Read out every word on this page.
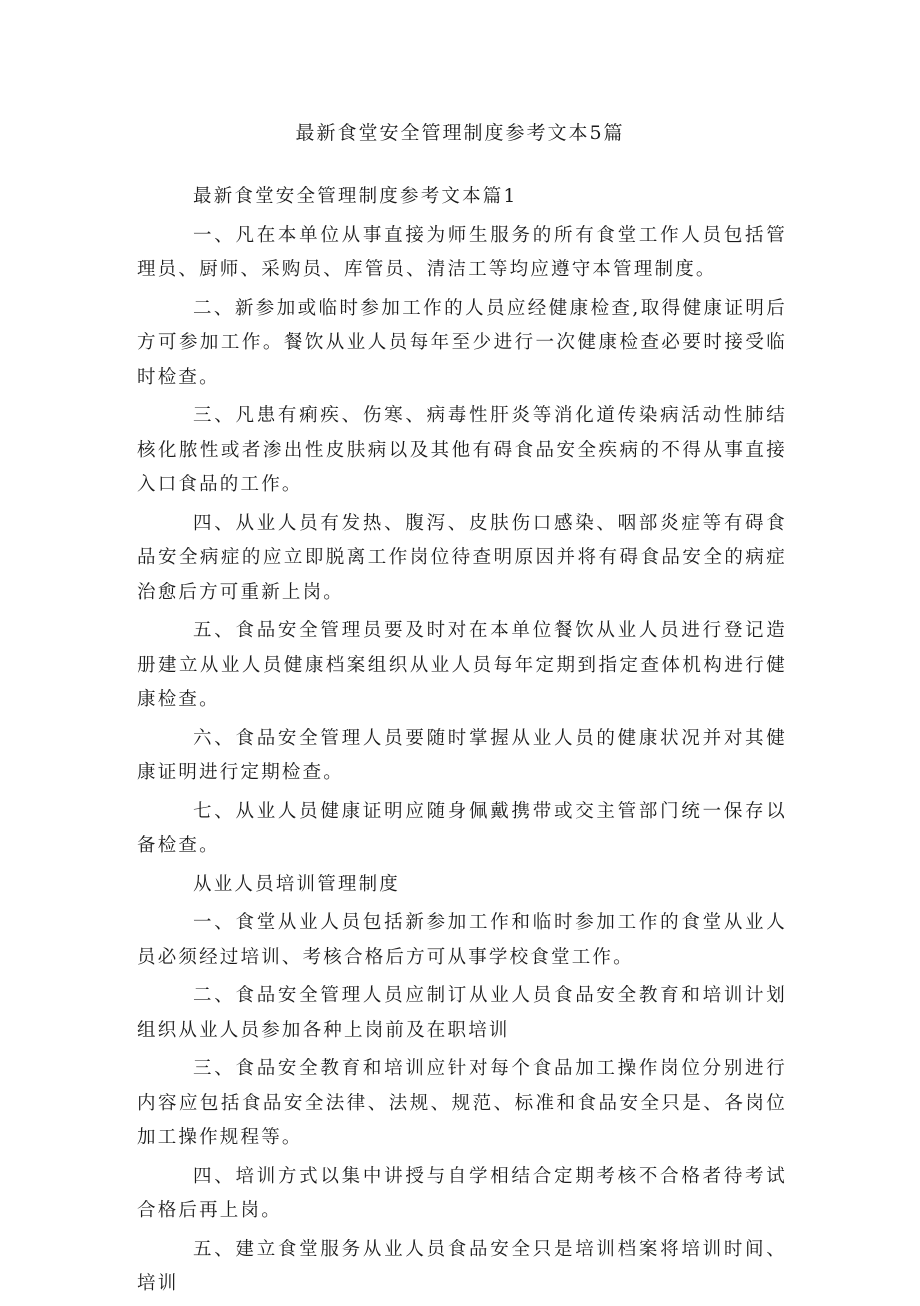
最新食堂安全管理制度参考文本5篇

最新食堂安全管理制度参考文本篇1

一、凡在本单位从事直接为师生服务的所有食堂工作人员包括管理员、厨师、采购员、库管员、清洁工等均应遵守本管理制度。

二、新参加或临时参加工作的人员应经健康检查,取得健康证明后方可参加工作。餐饮从业人员每年至少进行一次健康检查必要时接受临时检查。

三、凡患有痢疾、伤寒、病毒性肝炎等消化道传染病活动性肺结核化脓性或者渗出性皮肤病以及其他有碍食品安全疾病的不得从事直接入口食品的工作。

四、从业人员有发热、腹泻、皮肤伤口感染、咽部炎症等有碍食品安全病症的应立即脱离工作岗位待查明原因并将有碍食品安全的病症治愈后方可重新上岗。

五、食品安全管理员要及时对在本单位餐饮从业人员进行登记造册建立从业人员健康档案组织从业人员每年定期到指定查体机构进行健康检查。

六、食品安全管理人员要随时掌握从业人员的健康状况并对其健康证明进行定期检查。

七、从业人员健康证明应随身佩戴携带或交主管部门统一保存以备检查。

从业人员培训管理制度

一、食堂从业人员包括新参加工作和临时参加工作的食堂从业人员必须经过培训、考核合格后方可从事学校食堂工作。

二、食品安全管理人员应制订从业人员食品安全教育和培训计划组织从业人员参加各种上岗前及在职培训

三、食品安全教育和培训应针对每个食品加工操作岗位分别进行内容应包括食品安全法律、法规、规范、标准和食品安全只是、各岗位加工操作规程等。

四、培训方式以集中讲授与自学相结合定期考核不合格者待考试合格后再上岗。

五、建立食堂服务从业人员食品安全只是培训档案将培训时间、培训
